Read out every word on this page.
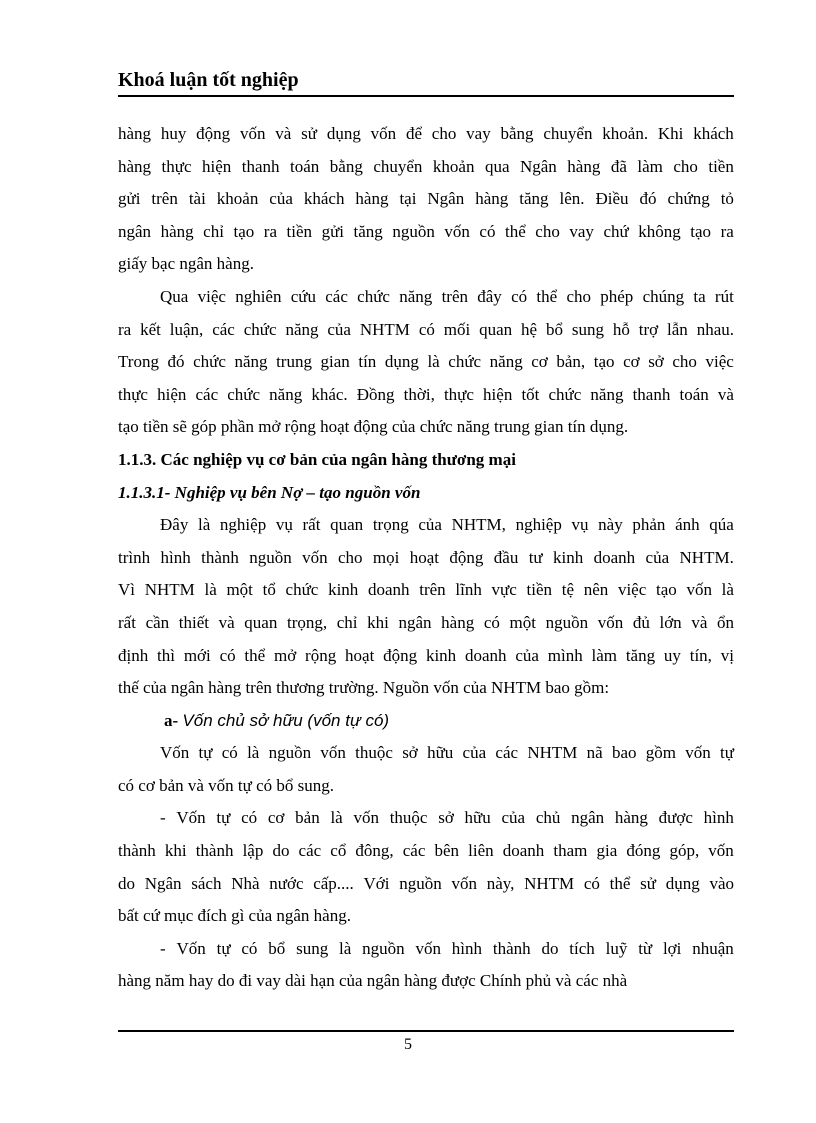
Khoá luận tốt nghiệp
hàng huy động vốn và sử dụng vốn để cho vay bằng chuyển khoản. Khi khách
hàng thực hiện thanh toán bằng chuyển khoản qua Ngân hàng đã làm cho tiền
gửi trên tài khoản của khách hàng tại Ngân hàng tăng lên. Điều đó chứng tỏ
ngân hàng chỉ tạo ra tiền gửi tăng nguồn vốn có thể cho vay chứ không tạo ra
giấy bạc ngân hàng.
Qua việc nghiên cứu các chức năng trên đây có thể cho phép chúng ta rút
ra kết luận, các chức năng của NHTM có mối quan hệ bổ sung hỗ trợ lẫn nhau.
Trong đó chức năng trung gian tín dụng là chức năng cơ bản, tạo cơ sở cho việc
thực hiện các chức năng khác. Đồng thời, thực hiện tốt chức năng thanh toán và
tạo tiền sẽ góp phần mở rộng hoạt động của chức năng trung gian tín dụng.
1.1.3. Các nghiệp vụ cơ bản của ngân hàng thương mại
1.1.3.1- Nghiệp vụ bên Nợ – tạo nguồn vốn
Đây là nghiệp vụ rất quan trọng của NHTM, nghiệp vụ này phản ánh qúa
trình hình thành nguồn vốn cho mọi hoạt động đầu tư kinh doanh của NHTM.
Vì NHTM là một tổ chức kinh doanh trên lĩnh vực tiền tệ nên việc tạo vốn là
rất cần thiết và quan trọng, chỉ khi ngân hàng có một nguồn vốn đủ lớn và ổn
định thì mới có thể mở rộng hoạt động kinh doanh của mình làm tăng uy tín, vị
thế của ngân hàng trên thương trường. Nguồn vốn của NHTM bao gồm:
a-
Vốn chủ sở hữu (vốn tự có)
Vốn tự có là nguồn vốn thuộc sở hữu của các NHTM nã bao gồm vốn tự
có cơ bản và vốn tự có bổ sung.
- Vốn tự có cơ bản là vốn thuộc sở hữu của chủ ngân hàng được hình
thành khi thành lập do các cổ đông, các bên liên doanh tham gia đóng góp, vốn
do Ngân sách Nhà nước cấp.... Với nguồn vốn này, NHTM có thể sử dụng vào
bất cứ mục đích gì của ngân hàng.
- Vốn tự có bổ sung là nguồn vốn hình thành do tích luỹ từ lợi nhuận
hàng năm hay do đi vay dài hạn của ngân hàng được Chính phủ và các nhà
5
